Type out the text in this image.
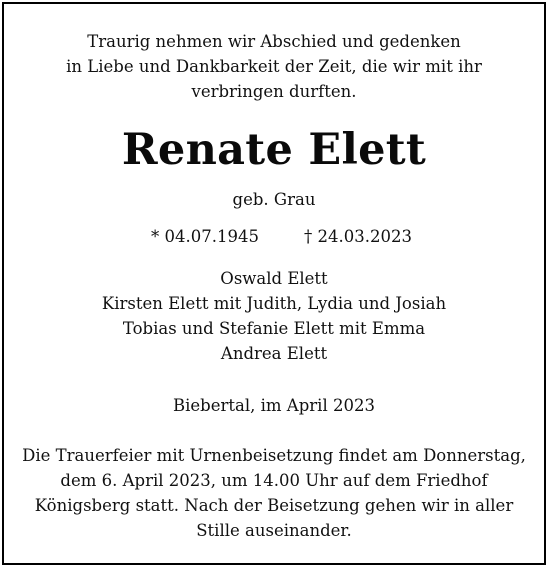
Traurig nehmen wir Abschied und gedenken
in Liebe und Dankbarkeit der Zeit, die wir mit ihr
verbringen durften.
Renate Elett
geb. Grau
* 04.07.1945	† 24.03.2023
Oswald Elett
Kirsten Elett mit Judith, Lydia und Josiah
Tobias und Stefanie Elett mit Emma
Andrea Elett
Biebertal, im April 2023
Die Trauerfeier mit Urnenbeisetzung findet am Donnerstag,
dem 6. April 2023, um 14.00 Uhr auf dem Friedhof
Königsberg statt. Nach der Beisetzung gehen wir in aller
Stille auseinander.
